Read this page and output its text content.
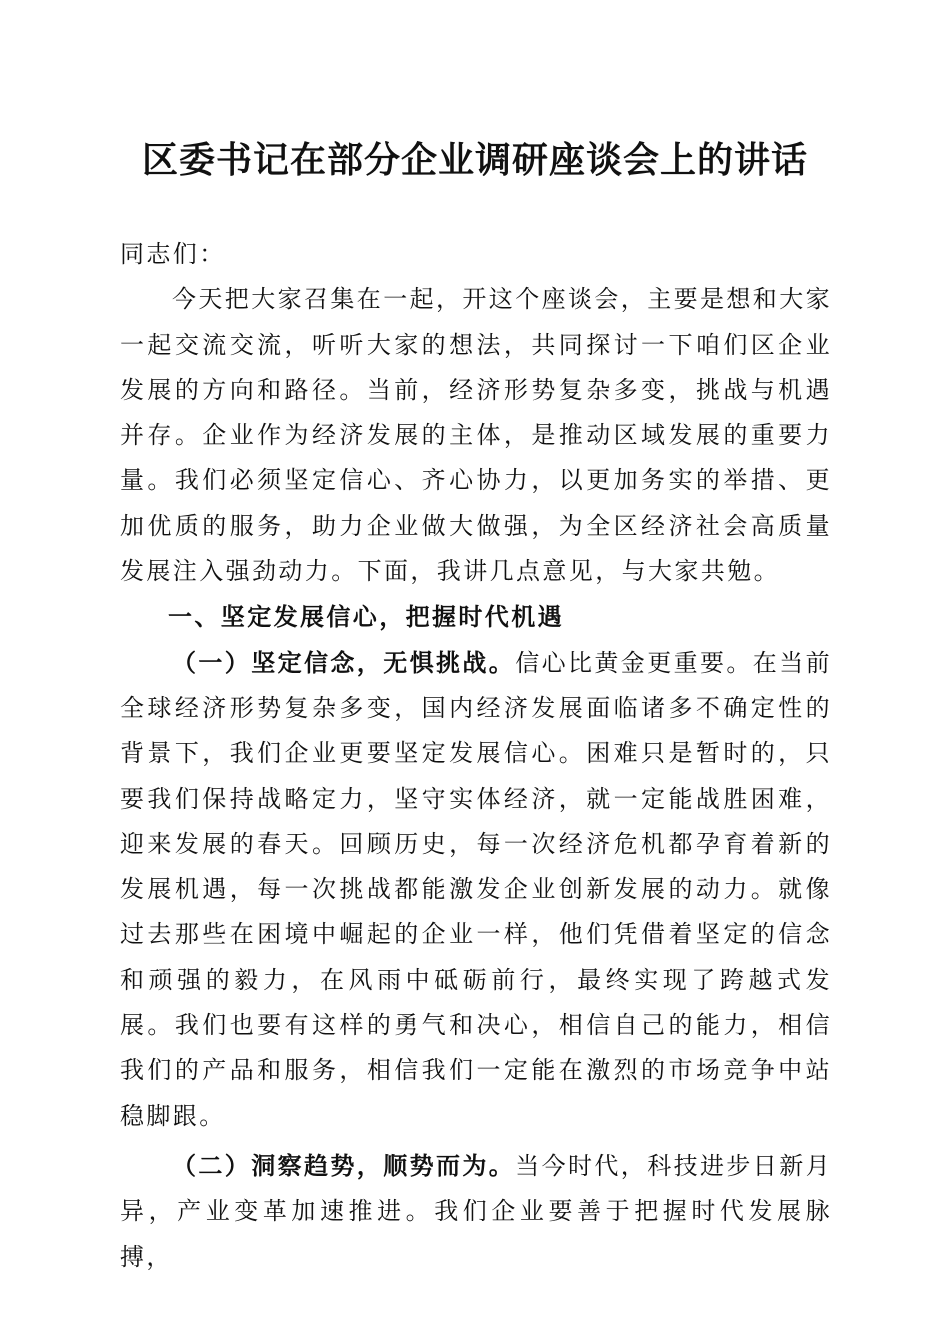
区委书记在部分企业调研座谈会上的讲话

同志们：

今天把大家召集在一起，开这个座谈会，主要是想和大家一起交流交流，听听大家的想法，共同探讨一下咱们区企业发展的方向和路径。当前，经济形势复杂多变，挑战与机遇并存。企业作为经济发展的主体，是推动区域发展的重要力量。我们必须坚定信心、齐心协力，以更加务实的举措、更加优质的服务，助力企业做大做强，为全区经济社会高质量发展注入强劲动力。下面，我讲几点意见，与大家共勉。

一、坚定发展信心，把握时代机遇

（一）坚定信念，无惧挑战。信心比黄金更重要。在当前全球经济形势复杂多变，国内经济发展面临诸多不确定性的背景下，我们企业更要坚定发展信心。困难只是暂时的，只要我们保持战略定力，坚守实体经济，就一定能战胜困难，迎来发展的春天。回顾历史，每一次经济危机都孕育着新的发展机遇，每一次挑战都能激发企业创新发展的动力。就像过去那些在困境中崛起的企业一样，他们凭借着坚定的信念和顽强的毅力，在风雨中砥砺前行，最终实现了跨越式发展。我们也要有这样的勇气和决心，相信自己的能力，相信我们的产品和服务，相信我们一定能在激烈的市场竞争中站稳脚跟。

（二）洞察趋势，顺势而为。当今时代，科技进步日新月异，产业变革加速推进。我们企业要善于把握时代发展脉搏，
